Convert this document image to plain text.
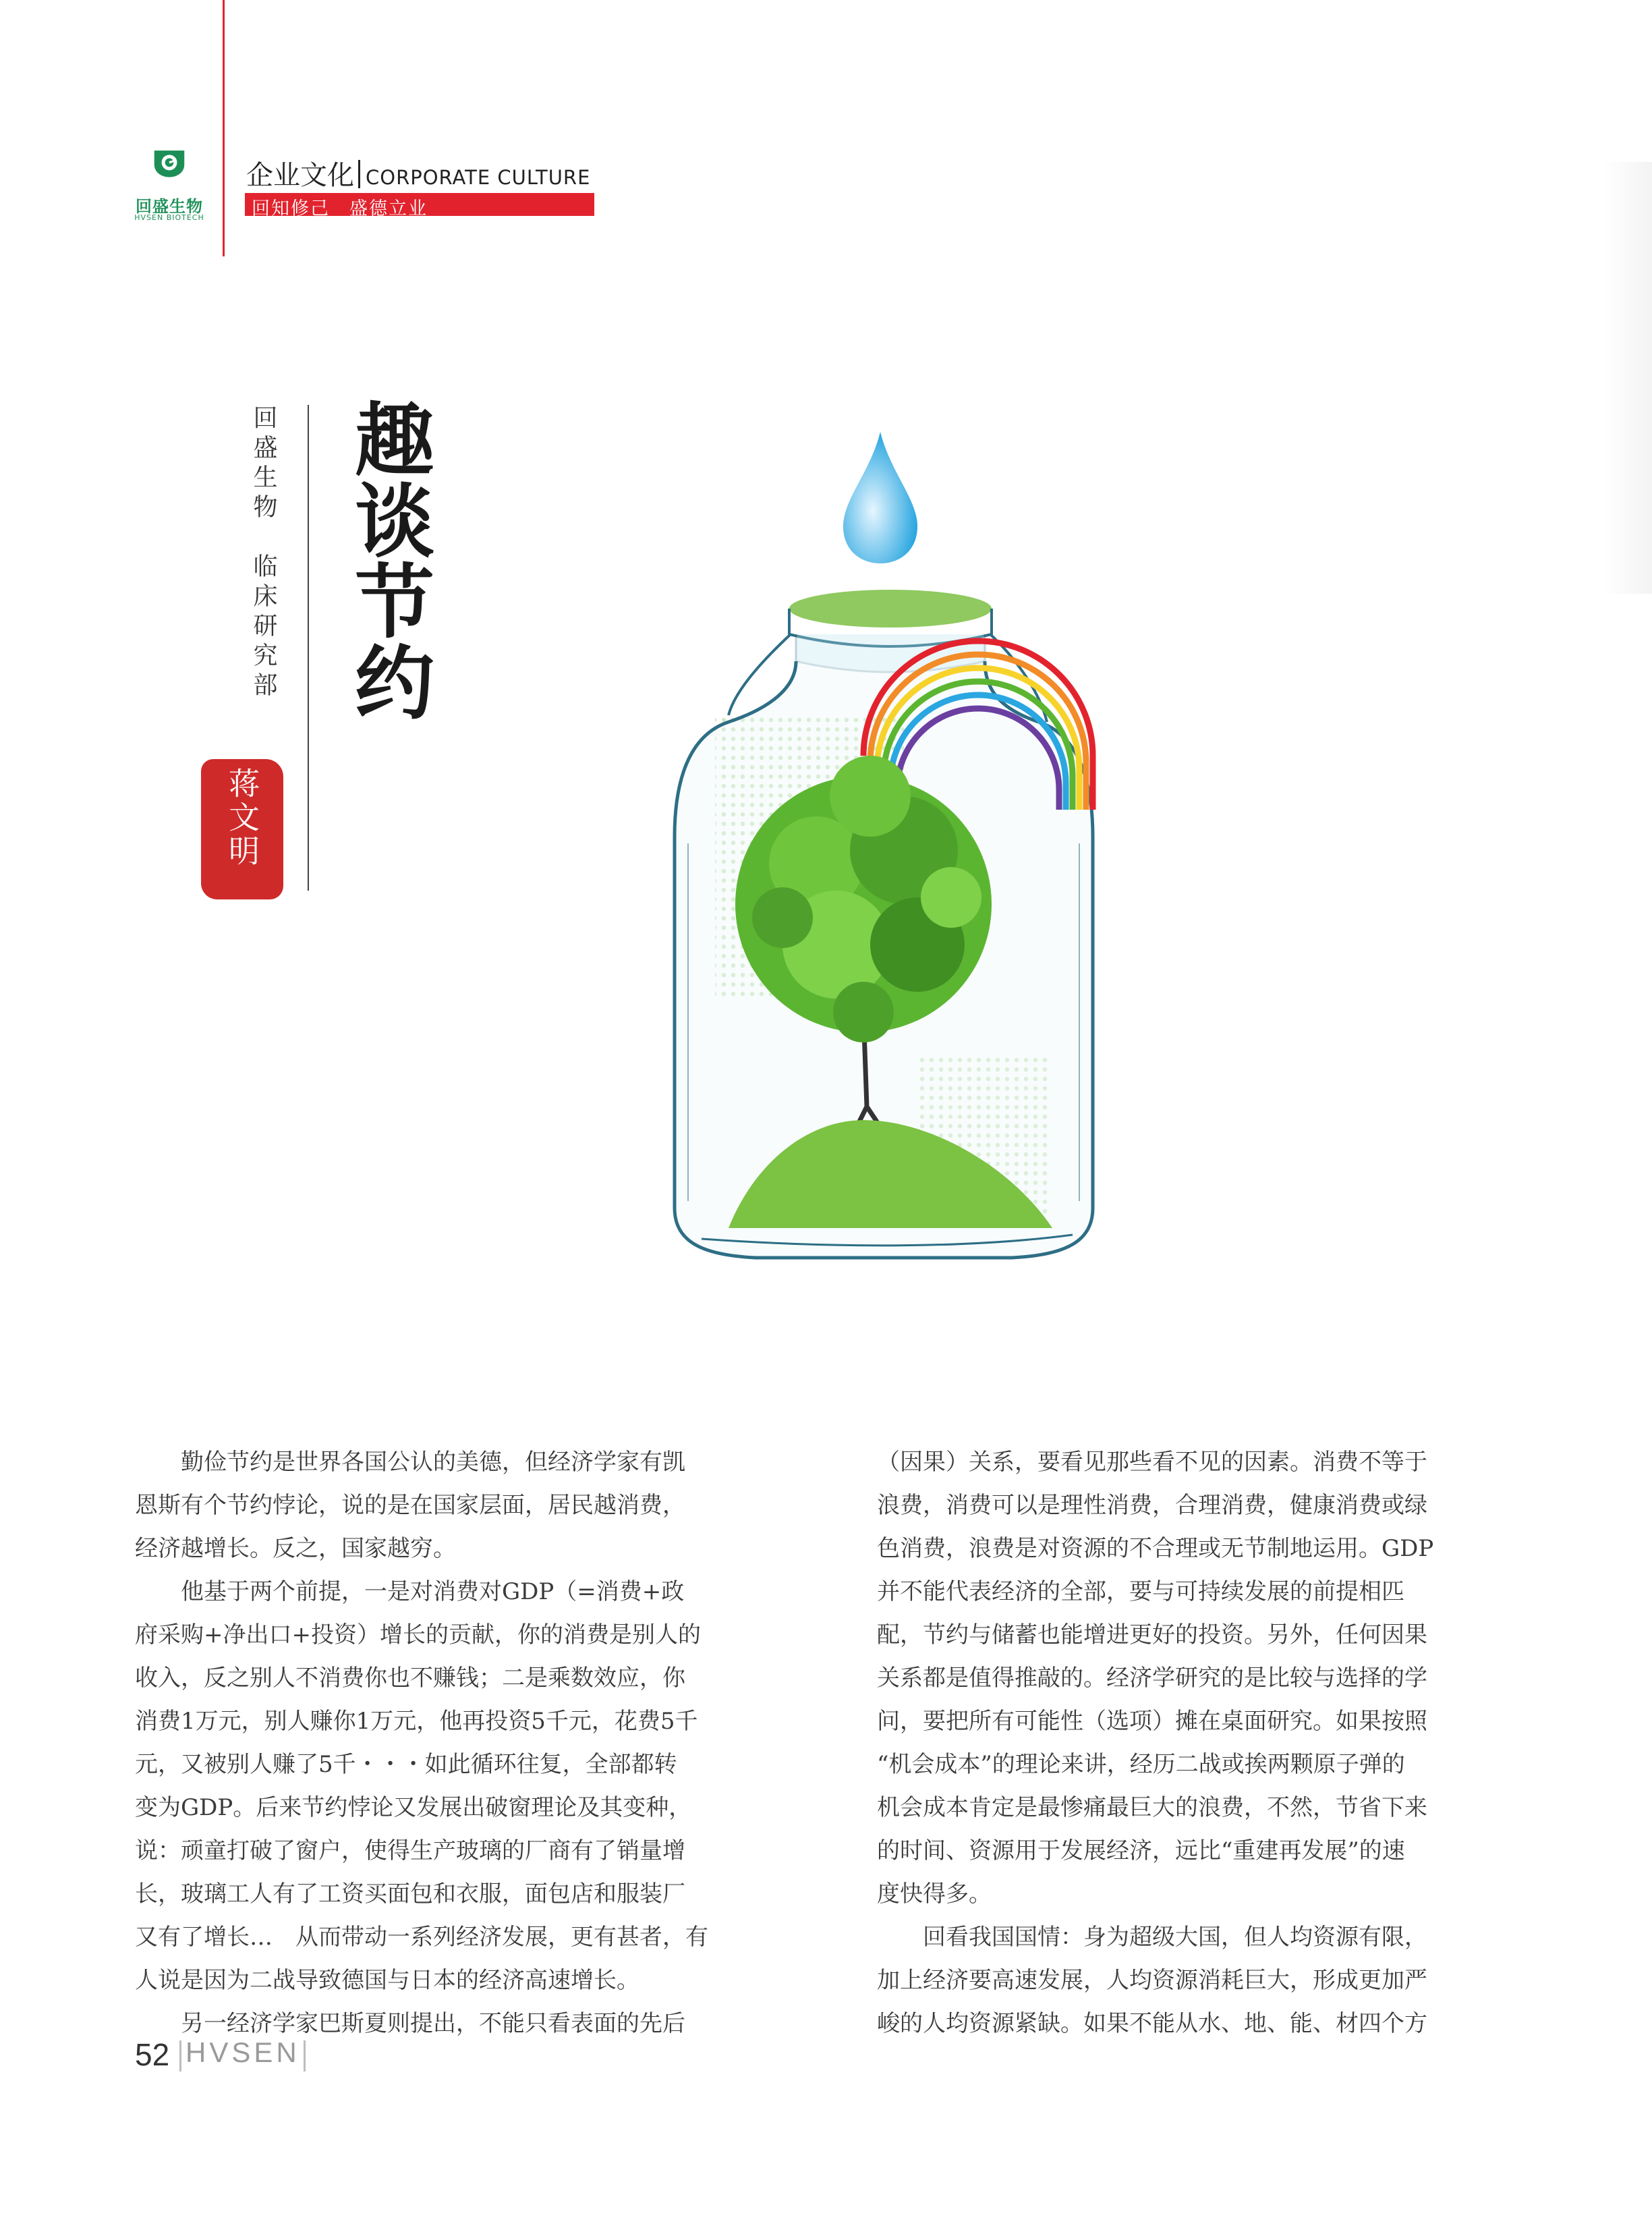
回盛生物
HVSEN BIOTECH
企业文化 CORPORATE CULTURE
回知修己　盛德立业
回盛生物　临床研究部 趣谈节约
蒋文明
　　勤俭节约是世界各国公认的美德，但经济学家有凯
恩斯有个节约悖论，说的是在国家层面，居民越消费，
经济越增长。反之，国家越穷。
　　他基于两个前提，一是对消费对GDP（=消费+政
府采购+净出口+投资）增长的贡献，你的消费是别人的
收入，反之别人不消费你也不赚钱；二是乘数效应，你
消费1万元，别人赚你1万元，他再投资5千元，花费5千
元，又被别人赚了5千・・・如此循环往复，全部都转
变为GDP。后来节约悖论又发展出破窗理论及其变种，
说：顽童打破了窗户，使得生产玻璃的厂商有了销量增
长，玻璃工人有了工资买面包和衣服，面包店和服装厂
又有了增长…　从而带动一系列经济发展，更有甚者，有
人说是因为二战导致德国与日本的经济高速增长。
　　另一经济学家巴斯夏则提出，不能只看表面的先后
（因果）关系，要看见那些看不见的因素。消费不等于
浪费，消费可以是理性消费，合理消费，健康消费或绿
色消费，浪费是对资源的不合理或无节制地运用。GDP
并不能代表经济的全部，要与可持续发展的前提相匹
配，节约与储蓄也能增进更好的投资。另外，任何因果
关系都是值得推敲的。经济学研究的是比较与选择的学
问，要把所有可能性（选项）摊在桌面研究。如果按照
“机会成本”的理论来讲，经历二战或挨两颗原子弹的
机会成本肯定是最惨痛最巨大的浪费，不然，节省下来
的时间、资源用于发展经济，远比“重建再发展”的速
度快得多。
　　回看我国国情：身为超级大国，但人均资源有限，
加上经济要高速发展，人均资源消耗巨大，形成更加严
峻的人均资源紧缺。如果不能从水、地、能、材四个方
52 HVSEN
